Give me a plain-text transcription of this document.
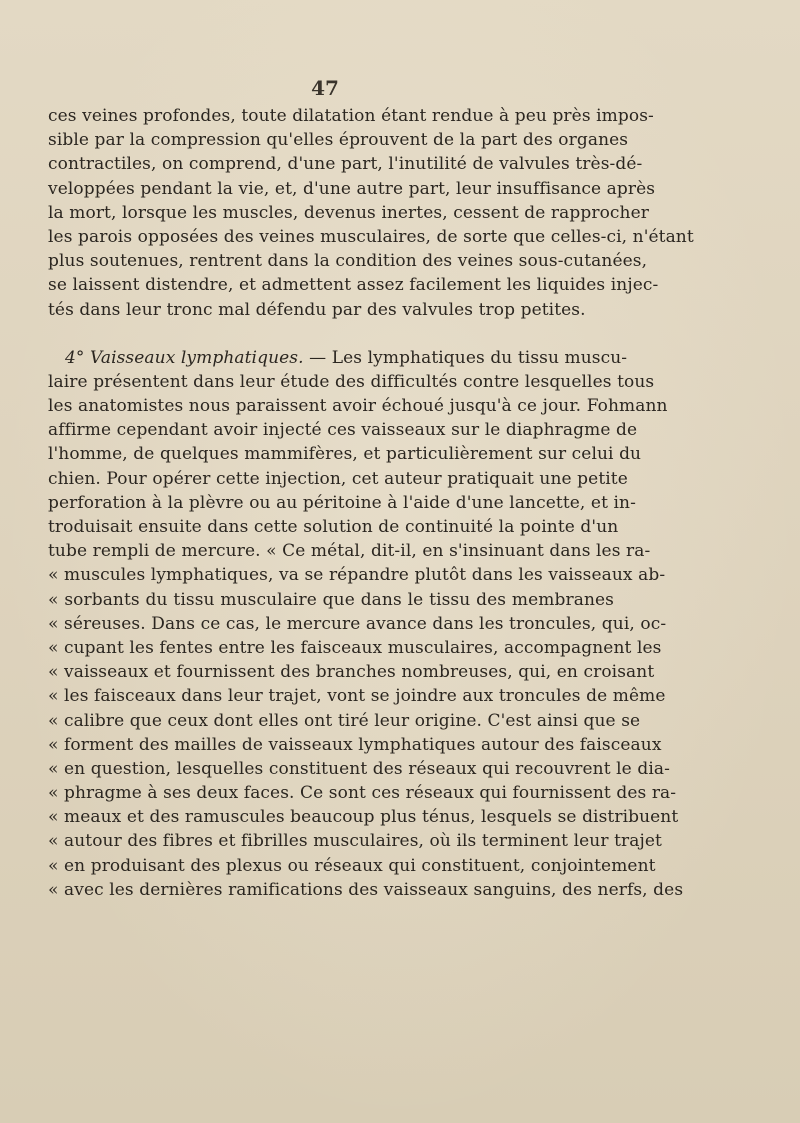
47
ces veines profondes, toute dilatation étant rendue à peu près impos-
sible par la compression qu'elles éprouvent de la part des organes
contractiles, on comprend, d'une part, l'inutilité de valvules très-dé-
veloppées pendant la vie, et, d'une autre part, leur insuffisance après
la mort, lorsque les muscles, devenus inertes, cessent de rapprocher
les parois opposées des veines musculaires, de sorte que celles-ci, n'étant
plus soutenues, rentrent dans la condition des veines sous-cutanées,
se laissent distendre, et admettent assez facilement les liquides injec-
tés dans leur tronc mal défendu par des valvules trop petites.
4° Vaisseaux lymphatiques. — Les lymphatiques du tissu muscu-
laire présentent dans leur étude des difficultés contre lesquelles tous
les anatomistes nous paraissent avoir échoué jusqu'à ce jour. Fohmann
affirme cependant avoir injecté ces vaisseaux sur le diaphragme de
l'homme, de quelques mammifères, et particulièrement sur celui du
chien. Pour opérer cette injection, cet auteur pratiquait une petite
perforation à la plèvre ou au péritoine à l'aide d'une lancette, et in-
troduisait ensuite dans cette solution de continuité la pointe d'un
tube rempli de mercure. « Ce métal, dit-il, en s'insinuant dans les ra-
« muscules lymphatiques, va se répandre plutôt dans les vaisseaux ab-
« sorbants du tissu musculaire que dans le tissu des membranes
« séreuses. Dans ce cas, le mercure avance dans les troncules, qui, oc-
« cupant les fentes entre les faisceaux musculaires, accompagnent les
« vaisseaux et fournissent des branches nombreuses, qui, en croisant
« les faisceaux dans leur trajet, vont se joindre aux troncules de même
« calibre que ceux dont elles ont tiré leur origine. C'est ainsi que se
« forment des mailles de vaisseaux lymphatiques autour des faisceaux
« en question, lesquelles constituent des réseaux qui recouvrent le dia-
« phragme à ses deux faces. Ce sont ces réseaux qui fournissent des ra-
« meaux et des ramuscules beaucoup plus ténus, lesquels se distribuent
« autour des fibres et fibrilles musculaires, où ils terminent leur trajet
« en produisant des plexus ou réseaux qui constituent, conjointement
« avec les dernières ramifications des vaisseaux sanguins, des nerfs, des
